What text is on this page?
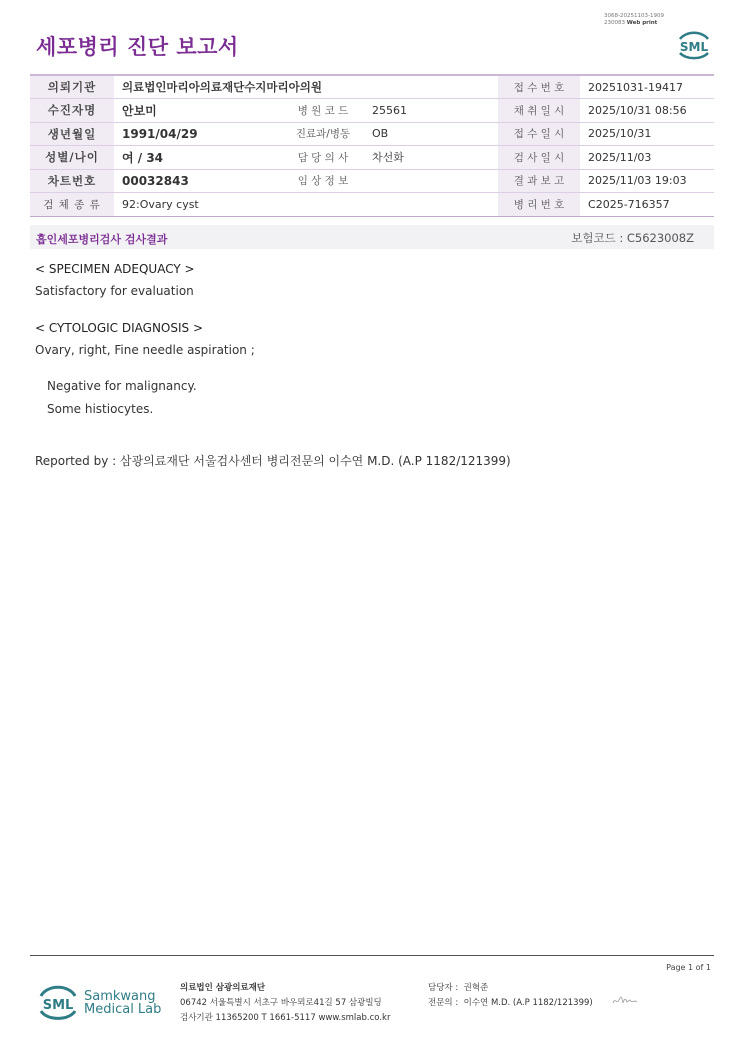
세포병리 진단 보고서
3068-20251103-1909
230083 Web print
SML
의뢰기관	의료법인마리아의료재단수지마리아의원			접 수 번 호	20251031-19417
수진자명	안보미	병 원 코 드	25561	채 취 일 시	2025/10/31 08:56
생년월일	1991/04/29	진료과/병동	OB	접 수 일 시	2025/10/31
성별/나이	여 / 34	담 당 의 사	차선화	검 사 일 시	2025/11/03
차트번호	00032843	임 상 정 보		결 과 보 고	2025/11/03 19:03
검 체 종 류	92:Ovary cyst			병 리 번 호	C2025-716357
흡인세포병리검사 검사결과	보험코드 : C5623008Z
< SPECIMEN ADEQUACY >
Satisfactory for evaluation
< CYTOLOGIC DIAGNOSIS >
Ovary, right, Fine needle aspiration ;
Negative for malignancy.
Some histiocytes.
Reported by : 삼광의료재단 서울검사센터 병리전문의 이수연 M.D. (A.P 1182/121399)
Page 1 of 1
SML
Samkwang
Medical Lab
의료법인 삼광의료재단
06742 서울특별시 서초구 바우뫼로41길 57 삼광빌딩
검사기관 11365200 T 1661-5117 www.smlab.co.kr
담당자 : 권혁준
전문의 : 이수연 M.D. (A.P 1182/121399)
